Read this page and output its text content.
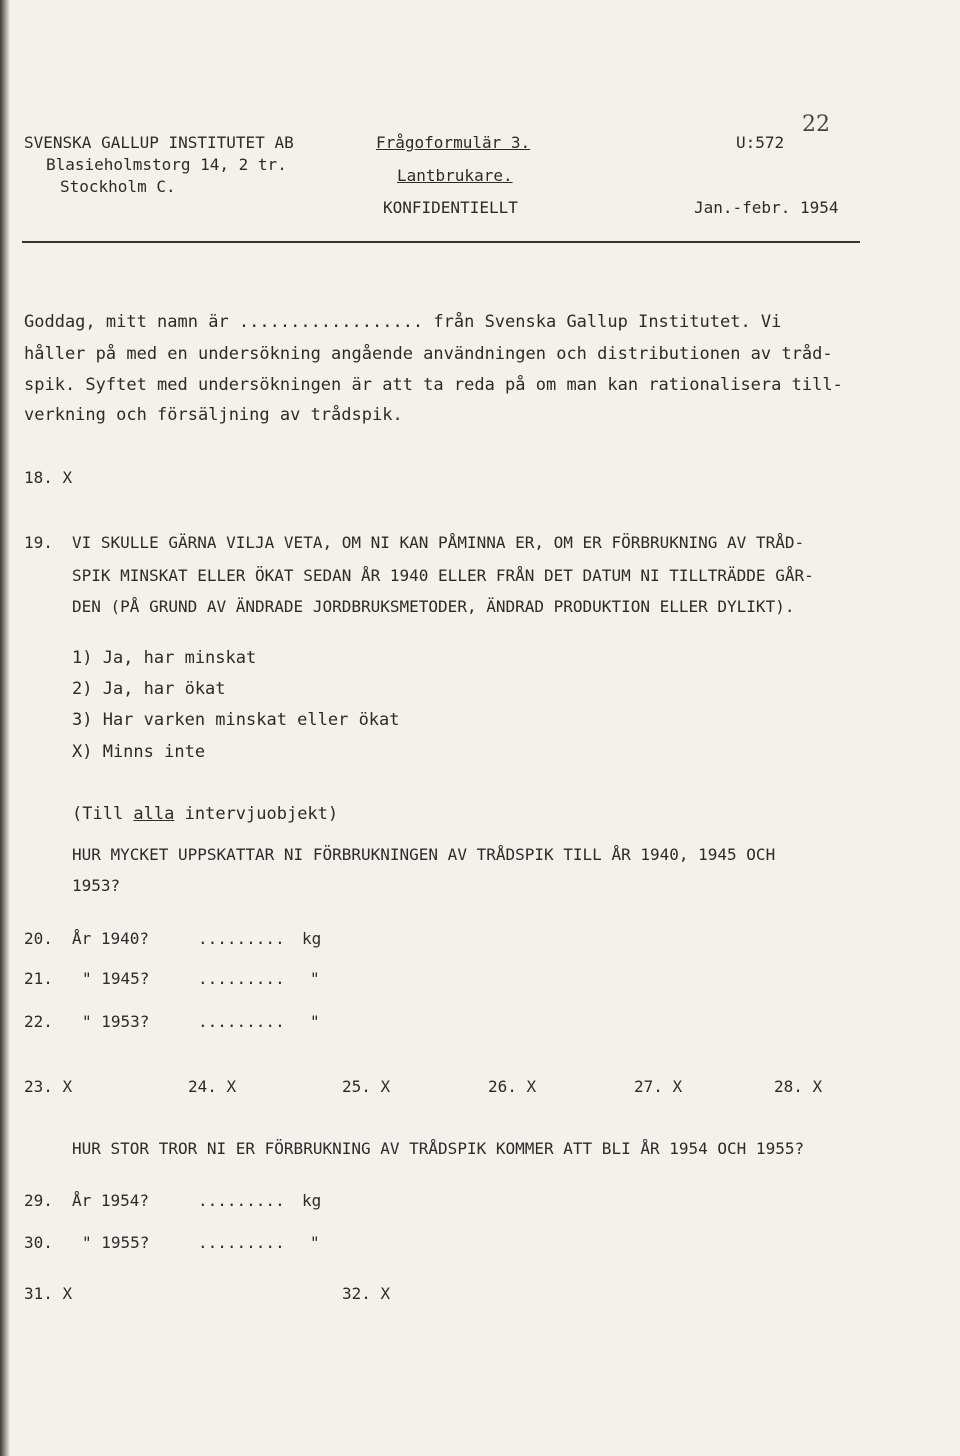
SVENSKA GALLUP INSTITUTET AB
Blasieholmstorg 14, 2 tr.
Stockholm C.
Frågoformulär 3.
Lantbrukare.
KONFIDENTIELLT
U:572
22
Jan.-febr. 1954
Goddag, mitt namn är .................. från Svenska Gallup Institutet. Vi
håller på med en undersökning angående användningen och distributionen av tråd-
spik. Syftet med undersökningen är att ta reda på om man kan rationalisera till-
verkning och försäljning av trådspik.
18. X
19. VI SKULLE GÄRNA VILJA VETA, OM NI KAN PÅMINNA ER, OM ER FÖRBRUKNING AV TRÅD-
SPIK MINSKAT ELLER ÖKAT SEDAN ÅR 1940 ELLER FRÅN DET DATUM NI TILLTRÄDDE GÅR-
DEN (PÅ GRUND AV ÄNDRADE JORDBRUKSMETODER, ÄNDRAD PRODUKTION ELLER DYLIKT).
1) Ja, har minskat
2) Ja, har ökat
3) Har varken minskat eller ökat
X) Minns inte
(Till alla intervjuobjekt)
HUR MYCKET UPPSKATTAR NI FÖRBRUKNINGEN AV TRÅDSPIK TILL ÅR 1940, 1945 OCH
1953?
20. År 1940?	......... kg
21. " 1945?	......... "
22. " 1953?	......... "
23. X	24. X	25. X	26. X	27. X	28. X
HUR STOR TROR NI ER FÖRBRUKNING AV TRÅDSPIK KOMMER ATT BLI ÅR 1954 OCH 1955?
29. År 1954?	......... kg
30. " 1955?	......... "
31. X	32. X
